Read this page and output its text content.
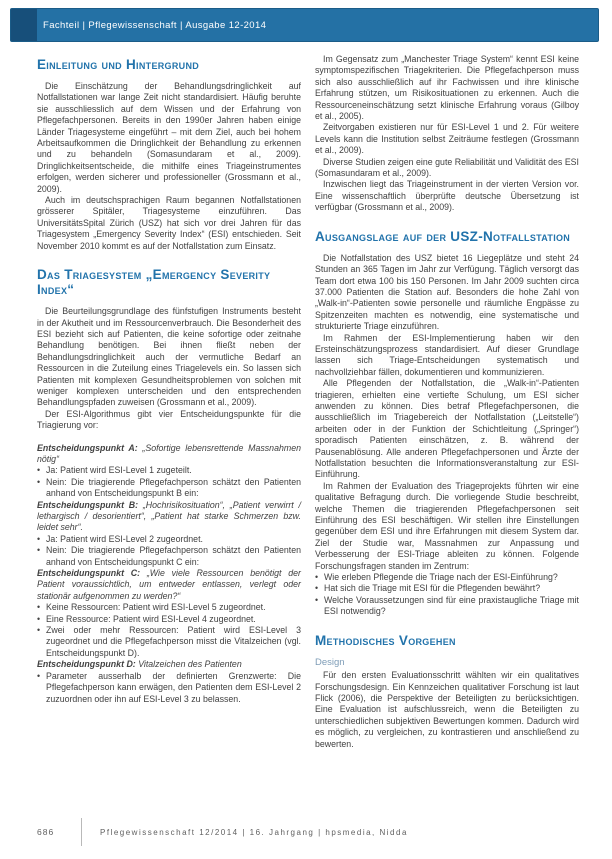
Fachteil | Pflegewissenschaft | Ausgabe 12-2014
Einleitung und Hintergrund

Die Einschätzung der Behandlungsdringlichkeit auf Notfallstationen war lange Zeit nicht standardisiert. Häufig beruhte sie ausschliesslich auf dem Wissen und der Erfahrung von Pflegefachpersonen. Bereits in den 1990er Jahren haben einige Länder Triagesysteme eingeführt – mit dem Ziel, auch bei hohem Arbeitsaufkommen die Dringlichkeit der Behandlung zu erkennen und zu behandeln (Somasundaram et al., 2009). Dringlichkeitsentscheide, die mithilfe eines Triageinstrumentes erfolgen, werden sicherer und professioneller (Grossmann et al., 2009).

Auch im deutschsprachigen Raum begannen Notfallstationen grösserer Spitäler, Triagesysteme einzuführen. Das UniversitätsSpital Zürich (USZ) hat sich vor drei Jahren für das Triagesystem „Emergency Severity Index“ (ESI) entschieden. Seit November 2010 kommt es auf der Notfallstation zum Einsatz.

Das Triagesystem „Emergency Severity Index“

Die Beurteilungsgrundlage des fünfstufigen Instruments besteht in der Akutheit und im Ressourcenverbrauch. Die Besonderheit des ESI bezieht sich auf Patienten, die keine sofortige oder zeitnahe Behandlung benötigen. Bei ihnen fließt neben der Behandlungsdringlichkeit auch der vermutliche Bedarf an Ressourcen in die Zuteilung eines Triagelevels ein. So lassen sich Patienten mit komplexen Gesundheitsproblemen von solchen mit weniger komplexen unterscheiden und den entsprechenden Behandlungspfaden zuweisen (Grossmann et al., 2009).

Der ESI-Algorithmus gibt vier Entscheidungspunkte für die Triagierung vor:

Entscheidungspunkt A: „Sofortige lebensrettende Massnahmen nötig“

• Ja: Patient wird ESI-Level 1 zugeteilt.
• Nein: Die triagierende Pflegefachperson schätzt den Patienten anhand von Entscheidungspunkt B ein:

Entscheidungspunkt B: „Hochrisikosituation“, „Patient verwirrt / lethargisch / desorientiert“, „Patient hat starke Schmerzen bzw. leidet sehr“.

• Ja: Patient wird ESI-Level 2 zugeordnet.
• Nein: Die triagierende Pflegefachperson schätzt den Patienten anhand von Entscheidungspunkt C ein:

Entscheidungspunkt C: „Wie viele Ressourcen benötigt der Patient voraussichtlich, um entweder entlassen, verlegt oder stationär aufgenommen zu werden?“

• Keine Ressourcen: Patient wird ESI-Level 5 zugeordnet.
• Eine Ressource: Patient wird ESI-Level 4 zugeordnet.
• Zwei oder mehr Ressourcen: Patient wird ESI-Level 3 zugeordnet und die Pflegefachperson misst die Vitalzeichen (vgl. Entscheidungspunkt D).

Entscheidungspunkt D: Vitalzeichen des Patienten

• Parameter ausserhalb der definierten Grenzwerte: Die Pflegefachperson kann erwägen, den Patienten dem ESI-Level 2 zuzuordnen oder ihn auf ESI-Level 3 zu belassen.

Im Gegensatz zum „Manchester Triage System“ kennt ESI keine symptomspezifischen Triagekriterien. Die Pflegefachperson muss sich also ausschließlich auf ihr Fachwissen und ihre klinische Erfahrung stützen, um Risikosituationen zu erkennen. Auch die Ressourceneinschätzung setzt klinische Erfahrung voraus (Gilboy et al., 2005).

Zeitvorgaben existieren nur für ESI-Level 1 und 2. Für weitere Levels kann die Institution selbst Zeiträume festlegen (Grossmann et al., 2009).

Diverse Studien zeigen eine gute Reliabilität und Validität des ESI (Somasundaram et al., 2009).

Inzwischen liegt das Triageinstrument in der vierten Version vor. Eine wissenschaftlich überprüfte deutsche Übersetzung ist verfügbar (Grossmann et al., 2009).

Ausgangslage auf der USZ-Notfallstation

Die Notfallstation des USZ bietet 16 Liegeplätze und steht 24 Stunden an 365 Tagen im Jahr zur Verfügung. Täglich versorgt das Team dort etwa 100 bis 150 Personen. Im Jahr 2009 suchten circa 37.000 Patienten die Station auf. Besonders die hohe Zahl von „Walk-in“-Patienten sowie personelle und räumliche Engpässe zu Spitzenzeiten machten es notwendig, eine systematische und strukturierte Triage einzuführen.

Im Rahmen der ESI-Implementierung haben wir den Ersteinschätzungsprozess standardisiert. Auf dieser Grundlage lassen sich Triage-Entscheidungen systematisch und nachvollziehbar fällen, dokumentieren und kommunizieren.

Alle Pflegenden der Notfallstation, die „Walk-in“-Patienten triagieren, erhielten eine vertiefte Schulung, um ESI sicher anwenden zu können. Dies betraf Pflegefachpersonen, die ausschließlich im Triagebereich der Notfallstation („Leitstelle“) arbeiten oder in der Funktion der Schichtleitung („Springer“) sporadisch Patienten einschätzen, z. B. während der Pausenablösung. Alle anderen Pflegefachpersonen und Ärzte der Notfallstation besuchten die Informationsveranstaltung zur ESI-Einführung.

Im Rahmen der Evaluation des Triageprojekts führten wir eine qualitative Befragung durch. Die vorliegende Studie beschreibt, welche Themen die triagierenden Pflegefachpersonen seit Einführung des ESI beschäftigen. Wir stellen ihre Einstellungen gegenüber dem ESI und ihre Erfahrungen mit diesem System dar. Ziel der Studie war, Massnahmen zur Anpassung und Verbesserung der ESI-Triage ableiten zu können. Folgende Forschungsfragen standen im Zentrum:

• Wie erleben Pflegende die Triage nach der ESI-Einführung?
• Hat sich die Triage mit ESI für die Pflegenden bewährt?
• Welche Voraussetzungen sind für eine praxistaugliche Triage mit ESI notwendig?
Methodisches Vorgehen
Design

Für den ersten Evaluationsschritt wählten wir ein qualitatives Forschungsdesign. Ein Kennzeichen qualitativer Forschung ist laut Flick (2006), die Perspektive der Beteiligten zu berücksichtigen. Eine Evaluation ist aufschlussreich, wenn die Beteiligten zu unterschiedlichen subjektiven Bewertungen kommen. Dadurch wird es möglich, zu vergleichen, zu kontrastieren und anschließend zu bewerten.

686	Pflegewissenschaft 12/2014 | 16. Jahrgang | hpsmedia, Nidda
